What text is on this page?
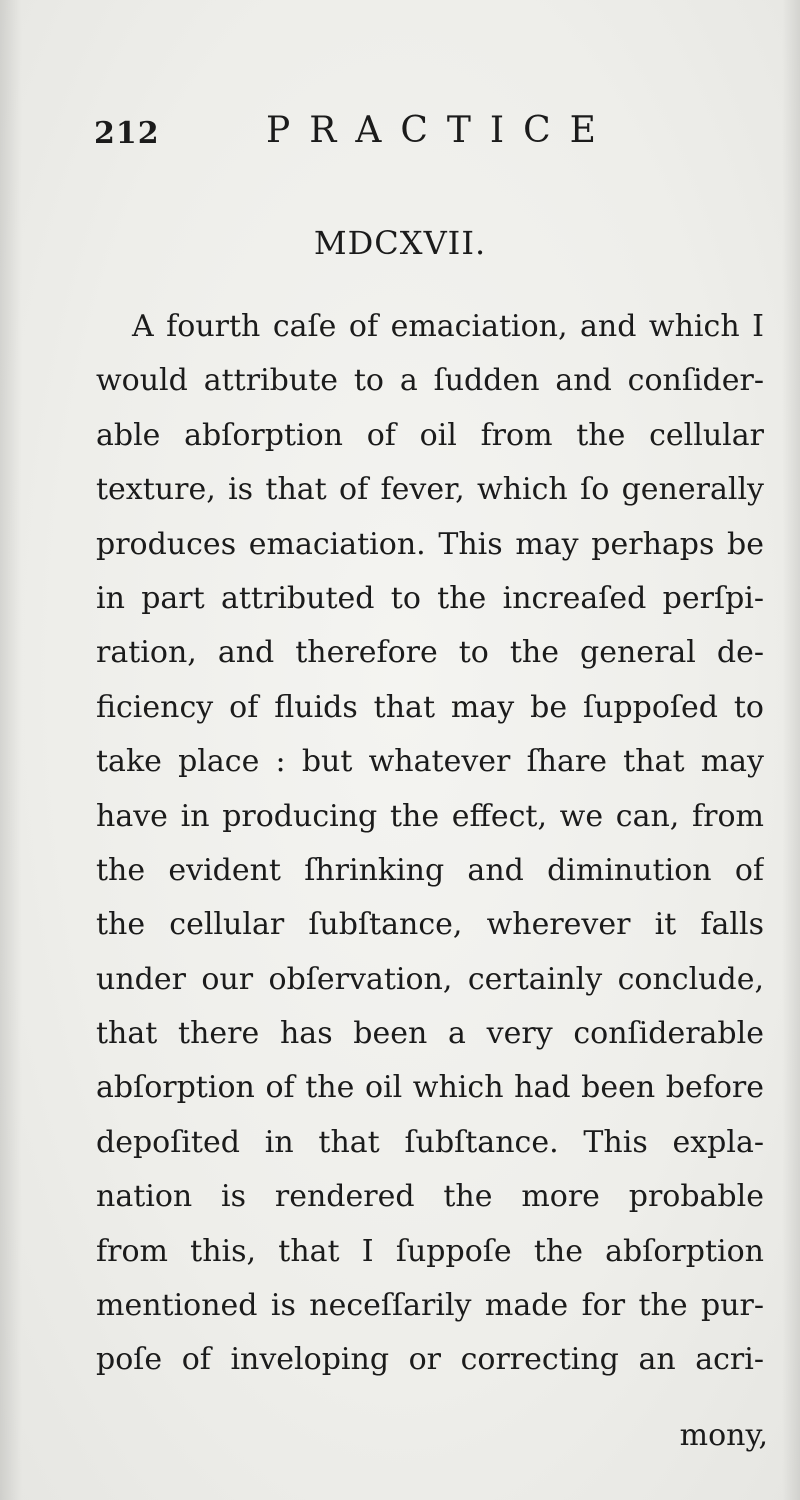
212	PRACTICE
MDCXVII.
A fourth caſe of emaciation, and which I
would attribute to a ſudden and conſider-
able abſorption of oil from the cellular
texture, is that of fever, which ſo generally
produces emaciation. This may perhaps be
in part attributed to the increaſed perſpi-
ration, and therefore to the general de-
ficiency of fluids that may be ſuppoſed to
take place : but whatever ſhare that may
have in producing the effect, we can, from
the evident ſhrinking and diminution of
the cellular ſubſtance, wherever it falls
under our obſervation, certainly conclude,
that there has been a very conſiderable
abſorption of the oil which had been before
depoſited in that ſubſtance. This expla-
nation is rendered the more probable
from this, that I ſuppoſe the abſorption
mentioned is neceſſarily made for the pur-
poſe of inveloping or correcting an acri-
mony,
